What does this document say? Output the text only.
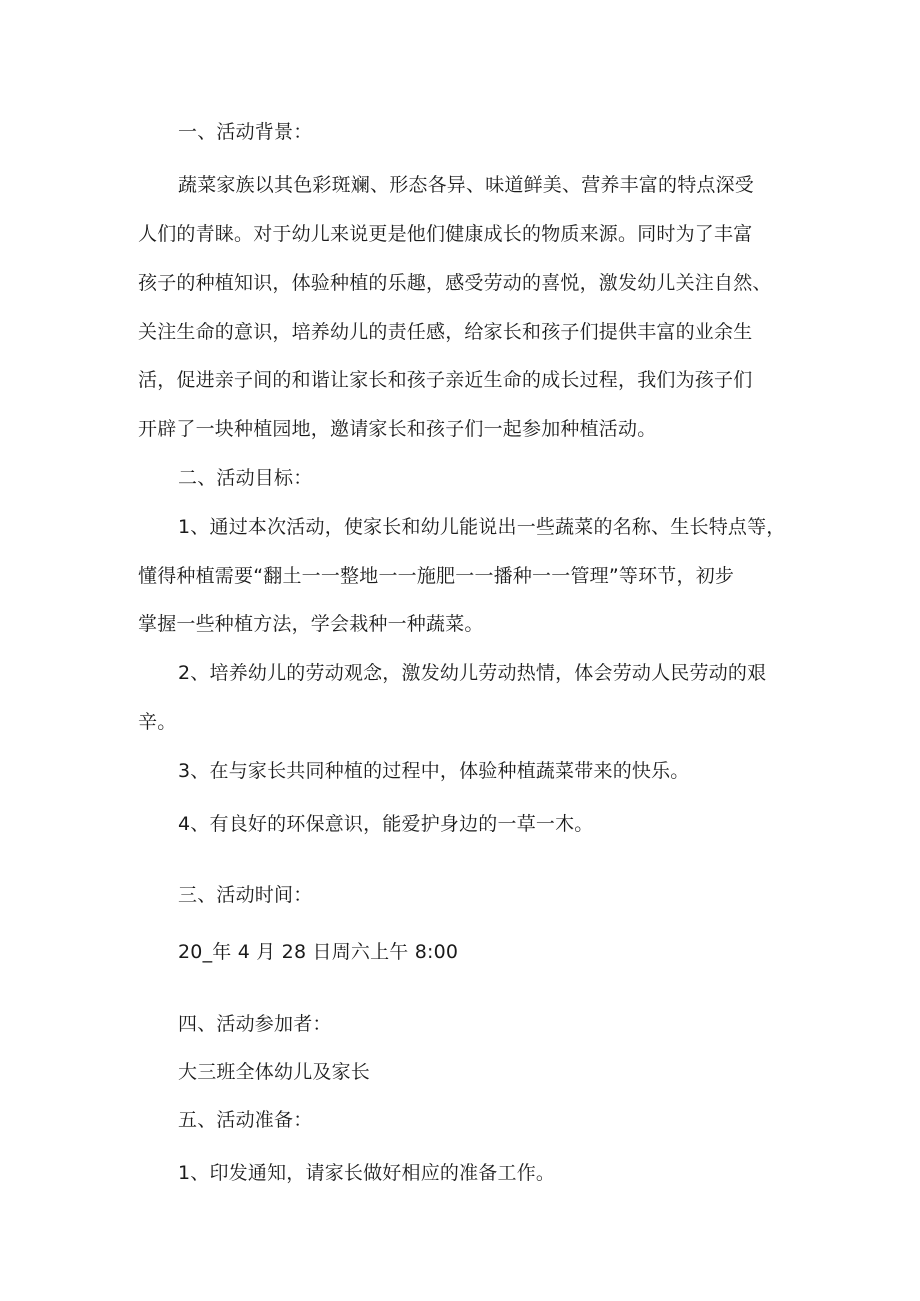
一、活动背景：

蔬菜家族以其色彩斑斓、形态各异、味道鲜美、营养丰富的特点深受

人们的青睐。对于幼儿来说更是他们健康成长的物质来源。同时为了丰富

孩子的种植知识，体验种植的乐趣，感受劳动的喜悦，激发幼儿关注自然、

关注生命的意识，培养幼儿的责任感，给家长和孩子们提供丰富的业余生

活，促进亲子间的和谐让家长和孩子亲近生命的成长过程，我们为孩子们

开辟了一块种植园地，邀请家长和孩子们一起参加种植活动。

二、活动目标：

1、通过本次活动，使家长和幼儿能说出一些蔬菜的名称、生长特点等，

懂得种植需要“翻土一一整地一一施肥一一播种一一管理”等环节，初步

掌握一些种植方法，学会栽种一种蔬菜。

2、培养幼儿的劳动观念，激发幼儿劳动热情，体会劳动人民劳动的艰

辛。

3、在与家长共同种植的过程中，体验种植蔬菜带来的快乐。

4、有良好的环保意识，能爱护身边的一草一木。

三、活动时间：

20_年 4 月 28 日周六上午 8:00

四、活动参加者：

大三班全体幼儿及家长

五、活动准备：

1、印发通知，请家长做好相应的准备工作。
